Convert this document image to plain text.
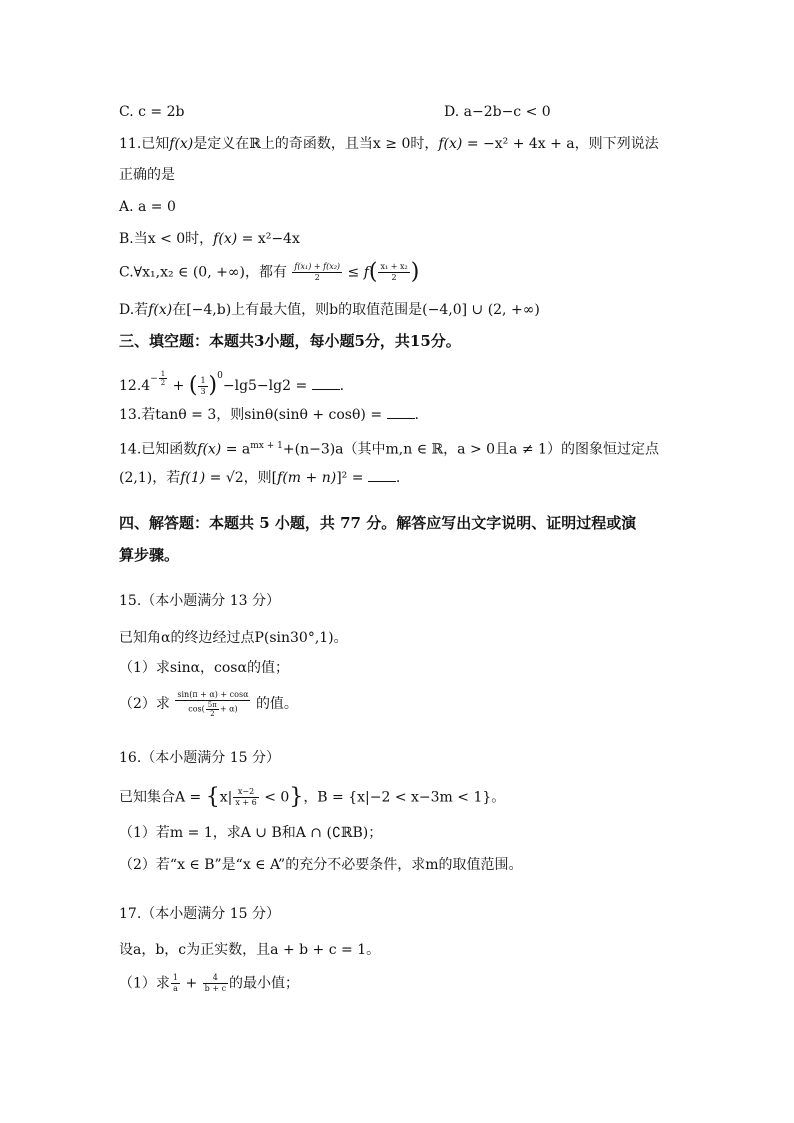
C. c = 2b	D. a−2b−c < 0
11.已知f(x)是定义在ℝ上的奇函数，且当x ≥ 0时，f(x) = −x² + 4x + a，则下列说法
正确的是
A. a = 0
B.当x < 0时，f(x) = x²−4x
C.∀x₁,x₂ ∈ (0, +∞)，都有 $\frac{\text{f(x₁) + f(x₂)}}{2} \le f( \frac{\text{x₁ + x₂}}{2}$ )
D.若f(x)在[−4,b)上有最大值，则b的取值范围是(−4,0] ∪ (2, +∞)
三、填空题：本题共3小题，每小题5分，共15分。
$12.4^{- \frac{1}{2}}$ + ( $\frac{1}{3} )^0-\lg 5-\lg 2$ = .
13.若tanθ = 3，则sinθ(sinθ + cosθ) = .
14.已知函数$f(x) = a^{mx + 1}+(n-3)a$（其中m,n ∈ ℝ，a > 0且a ≠ 1）的图象恒过定点
(2,1)，若f(1) = √2，则[f(m + n)]² = .
四、解答题：本题共 5 小题，共 77 分。解答应写出文字说明、证明过程或演
算步骤。
15.（本小题满分 13 分）
已知角α的终边经过点P(sin30°,1)。
（1）求sinα，cosα的值；
（2）求 $\frac{\sin(\pi + \alpha) + \cos\alpha}{\cos( \frac{5\pi}{2} + \alpha)}$ 的值。
16.（本小题满分 15 分）
已知集合$A = \{x| \frac{x-2}{x + 6} < 0\}$，B = {x|−2 < x−3m < 1}。
（1）若m = 1，求A ∪ B和A ∩ (∁ℝB)；
（2）若“x ∈ B”是“x ∈ A”的充分不必要条件，求m的取值范围。
17.（本小题满分 15 分）
设a，b，c为正实数，且a + b + c = 1。
（1）求 $\frac{1}{a} + \frac{4}{b + c}$ 的最小值；
